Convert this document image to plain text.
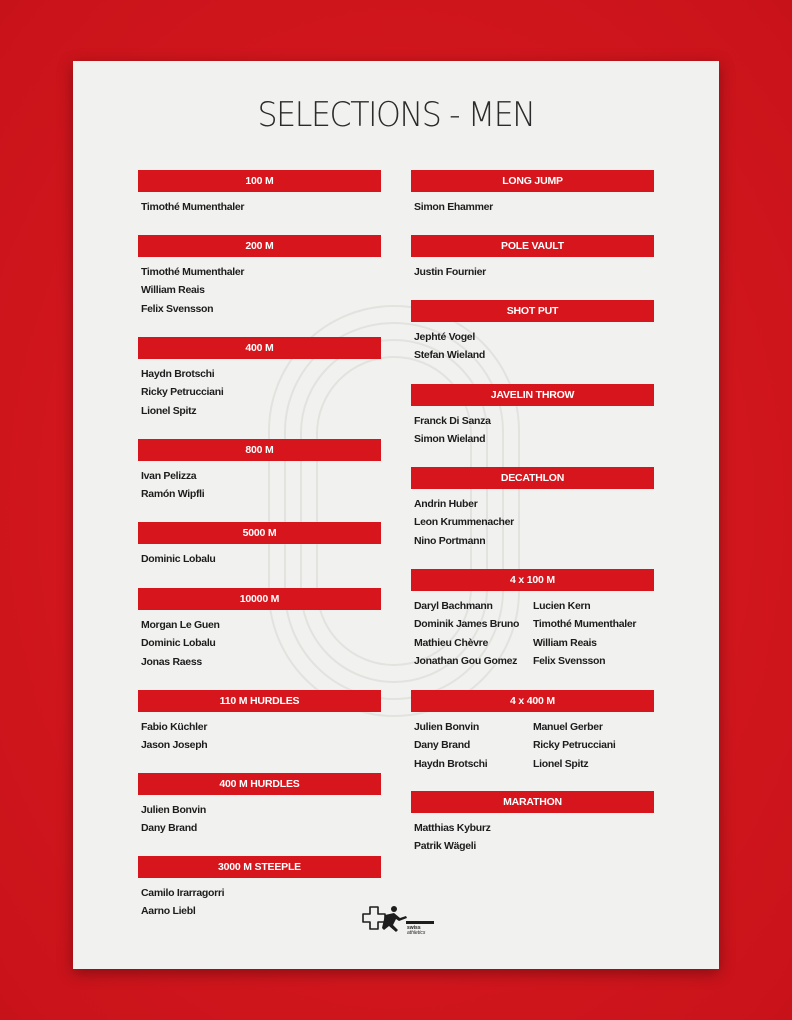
SELECTIONS - MEN
100 M
Timothé Mumenthaler
200 M
Timothé Mumenthaler
William Reais
Felix Svensson
400 M
Haydn Brotschi
Ricky Petrucciani
Lionel Spitz
800 M
Ivan Pelizza
Ramón Wipfli
5000 M
Dominic Lobalu
10000 M
Morgan Le Guen
Dominic Lobalu
Jonas Raess
110 M HURDLES
Fabio Küchler
Jason Joseph
400 M HURDLES
Julien Bonvin
Dany Brand
3000 M STEEPLE
Camilo Irarragorri
Aarno Liebl
LONG JUMP
Simon Ehammer
POLE VAULT
Justin Fournier
SHOT PUT
Jephté Vogel
Stefan Wieland
JAVELIN THROW
Franck Di Sanza
Simon Wieland
DECATHLON
Andrin Huber
Leon Krummenacher
Nino Portmann
4 x 100 M
Daryl Bachmann	Lucien Kern
Dominik James Bruno	Timothé Mumenthaler
Mathieu Chèvre	William Reais
Jonathan Gou Gomez	Felix Svensson
4 x 400 M
Julien Bonvin	Manuel Gerber
Dany Brand	Ricky Petrucciani
Haydn Brotschi	Lionel Spitz
MARATHON
Matthias Kyburz
Patrik Wägeli
swiss
athletics
